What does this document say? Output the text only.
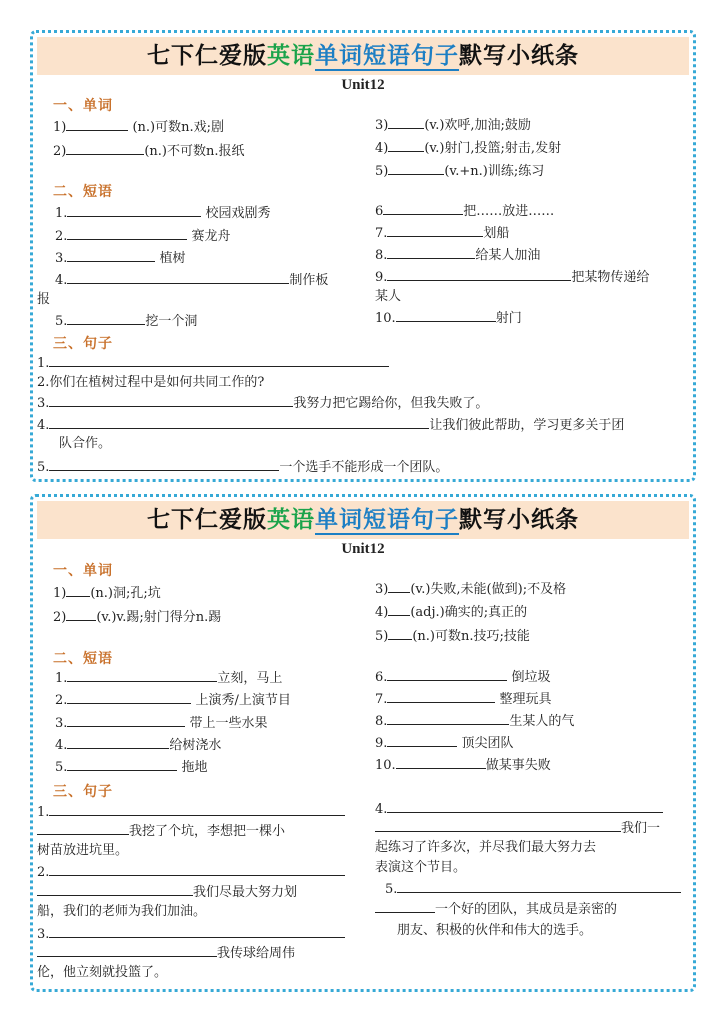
七下仁爱版英语单词短语句子默写小纸条
Unit12
一、单词
1)	(n.)可数n.戏;剧
2)	(n.)不可数n.报纸
3)	(v.)欢呼,加油;鼓励
4)	(v.)射门,投篮;射击,发射
5)	(v.+n.)训练;练习
二、短语
1.	校园戏剧秀
2.	赛龙舟
3.	植树
4.	制作板
报
5.	挖一个洞
6	把……放进……
7.	划船
8.	给某人加油
9.	把某物传递给
某人
10.	射门
三、句子
1.
2.你们在植树过程中是如何共同工作的?
3.	我努力把它踢给你，但我失败了。
4.	让我们彼此帮助，学习更多关于团
队合作。
5.	一个选手不能形成一个团队。
七下仁爱版英语单词短语句子默写小纸条
Unit12
一、单词
1) (n.)洞;孔;坑
2) (v.)v.踢;射门得分n.踢
3) (v.)失败,未能(做到);不及格
4) (adj.)确实的;真正的
5) (n.)可数n.技巧;技能
二、短语
1.	立刻，马上
2.	上演秀/上演节目
3.	带上一些水果
4.	给树浇水
5.	拖地
6.	倒垃圾
7.	整理玩具
8.	生某人的气
9.	顶尖团队
10.	做某事失败
三、句子
1.
我挖了个坑，李想把一棵小
树苗放进坑里。
2.
我们尽最大努力划
船，我们的老师为我们加油。
3.
我传球给周伟
伦，他立刻就投篮了。
4.
我们一
起练习了许多次，并尽我们最大努力去
表演这个节目。
5.
一个好的团队，其成员是亲密的
朋友、积极的伙伴和伟大的选手。
